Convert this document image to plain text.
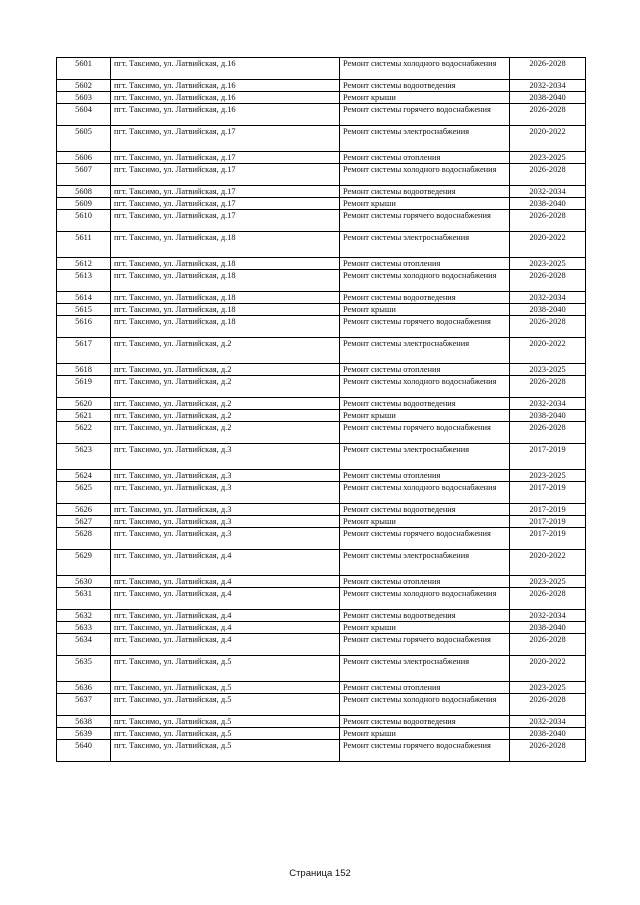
5601	пгт. Таксимо, ул. Латвийская, д.16	Ремонт системы холодного водоснабжения	2026-2028
5602	пгт. Таксимо, ул. Латвийская, д.16	Ремонт системы водоотведения	2032-2034
5603	пгт. Таксимо, ул. Латвийская, д.16	Ремонт крыши	2038-2040
5604	пгт. Таксимо, ул. Латвийская, д.16	Ремонт системы горячего водоснабжения	2026-2028
5605	пгт. Таксимо, ул. Латвийская, д.17	Ремонт системы электроснабжения	2020-2022
5606	пгт. Таксимо, ул. Латвийская, д.17	Ремонт системы отопления	2023-2025
5607	пгт. Таксимо, ул. Латвийская, д.17	Ремонт системы холодного водоснабжения	2026-2028
5608	пгт. Таксимо, ул. Латвийская, д.17	Ремонт системы водоотведения	2032-2034
5609	пгт. Таксимо, ул. Латвийская, д.17	Ремонт крыши	2038-2040
5610	пгт. Таксимо, ул. Латвийская, д.17	Ремонт системы горячего водоснабжения	2026-2028
5611	пгт. Таксимо, ул. Латвийская, д.18	Ремонт системы электроснабжения	2020-2022
5612	пгт. Таксимо, ул. Латвийская, д.18	Ремонт системы отопления	2023-2025
5613	пгт. Таксимо, ул. Латвийская, д.18	Ремонт системы холодного водоснабжения	2026-2028
5614	пгт. Таксимо, ул. Латвийская, д.18	Ремонт системы водоотведения	2032-2034
5615	пгт. Таксимо, ул. Латвийская, д.18	Ремонт крыши	2038-2040
5616	пгт. Таксимо, ул. Латвийская, д.18	Ремонт системы горячего водоснабжения	2026-2028
5617	пгт. Таксимо, ул. Латвийская, д.2	Ремонт системы электроснабжения	2020-2022
5618	пгт. Таксимо, ул. Латвийская, д.2	Ремонт системы отопления	2023-2025
5619	пгт. Таксимо, ул. Латвийская, д.2	Ремонт системы холодного водоснабжения	2026-2028
5620	пгт. Таксимо, ул. Латвийская, д.2	Ремонт системы водоотведения	2032-2034
5621	пгт. Таксимо, ул. Латвийская, д.2	Ремонт крыши	2038-2040
5622	пгт. Таксимо, ул. Латвийская, д.2	Ремонт системы горячего водоснабжения	2026-2028
5623	пгт. Таксимо, ул. Латвийская, д.3	Ремонт системы электроснабжения	2017-2019
5624	пгт. Таксимо, ул. Латвийская, д.3	Ремонт системы отопления	2023-2025
5625	пгт. Таксимо, ул. Латвийская, д.3	Ремонт системы холодного водоснабжения	2017-2019
5626	пгт. Таксимо, ул. Латвийская, д.3	Ремонт системы водоотведения	2017-2019
5627	пгт. Таксимо, ул. Латвийская, д.3	Ремонт крыши	2017-2019
5628	пгт. Таксимо, ул. Латвийская, д.3	Ремонт системы горячего водоснабжения	2017-2019
5629	пгт. Таксимо, ул. Латвийская, д.4	Ремонт системы электроснабжения	2020-2022
5630	пгт. Таксимо, ул. Латвийская, д.4	Ремонт системы отопления	2023-2025
5631	пгт. Таксимо, ул. Латвийская, д.4	Ремонт системы холодного водоснабжения	2026-2028
5632	пгт. Таксимо, ул. Латвийская, д.4	Ремонт системы водоотведения	2032-2034
5633	пгт. Таксимо, ул. Латвийская, д.4	Ремонт крыши	2038-2040
5634	пгт. Таксимо, ул. Латвийская, д.4	Ремонт системы горячего водоснабжения	2026-2028
5635	пгт. Таксимо, ул. Латвийская, д.5	Ремонт системы электроснабжения	2020-2022
5636	пгт. Таксимо, ул. Латвийская, д.5	Ремонт системы отопления	2023-2025
5637	пгт. Таксимо, ул. Латвийская, д.5	Ремонт системы холодного водоснабжения	2026-2028
5638	пгт. Таксимо, ул. Латвийская, д.5	Ремонт системы водоотведения	2032-2034
5639	пгт. Таксимо, ул. Латвийская, д.5	Ремонт крыши	2038-2040
5640	пгт. Таксимо, ул. Латвийская, д.5	Ремонт системы горячего водоснабжения	2026-2028
Страница 152
